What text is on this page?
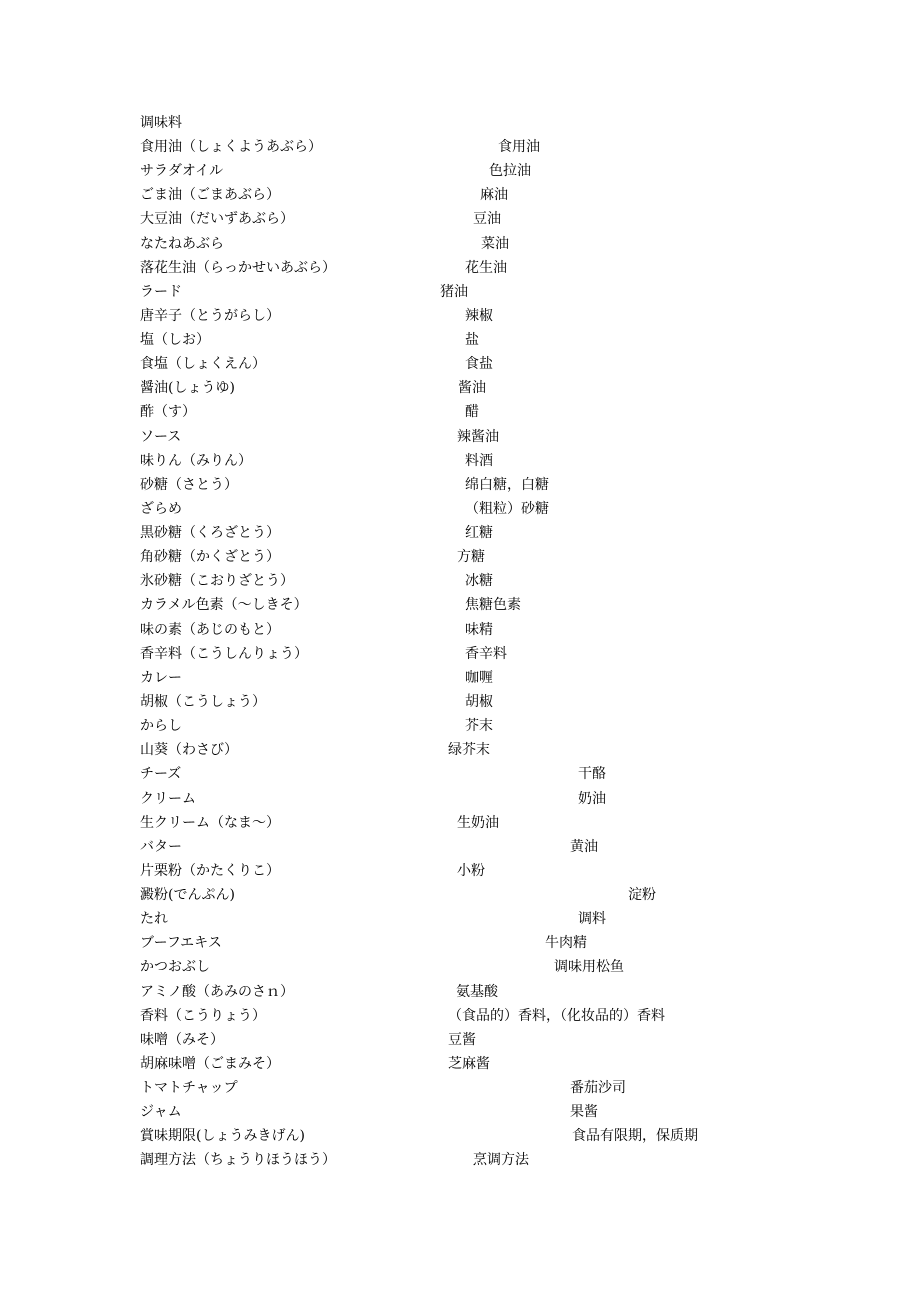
调味料
食用油（しょくようあぶら）	食用油
サラダオイル	色拉油
ごま油（ごまあぶら）	麻油
大豆油（だいずあぶら）	豆油
なたねあぶら	菜油
落花生油（らっかせいあぶら）	花生油
ラード	猪油
唐辛子（とうがらし）	辣椒
塩（しお）	盐
食塩（しょくえん）	食盐
醤油(しょうゆ)	酱油
酢（す）	醋
ソース	辣酱油
味りん（みりん）	料酒
砂糖（さとう）	绵白糖，白糖
ざらめ	（粗粒）砂糖
黒砂糖（くろざとう）	红糖
角砂糖（かくざとう）	方糖
氷砂糖（こおりざとう）	冰糖
カラメル色素（～しきそ）	焦糖色素
味の素（あじのもと）	味精
香辛料（こうしんりょう）	香辛料
カレー	咖喱
胡椒（こうしょう）	胡椒
からし	芥末
山葵（わさび）	绿芥末
チーズ	干酪
クリーム	奶油
生クリーム（なま～）	生奶油
バター	黄油
片栗粉（かたくりこ）	小粉
澱粉(でんぷん)	淀粉
たれ	调料
ブーフエキス	牛肉精
かつおぶし	调味用松鱼
アミノ酸（あみのさｎ）	氨基酸
香料（こうりょう）	（食品的）香料，（化妆品的）香料
味噌（みそ）	豆酱
胡麻味噌（ごまみそ）	芝麻酱
トマトチャップ	番茄沙司
ジャム	果酱
賞味期限(しょうみきげん)	食品有限期，保质期
調理方法（ちょうりほうほう）	烹调方法
